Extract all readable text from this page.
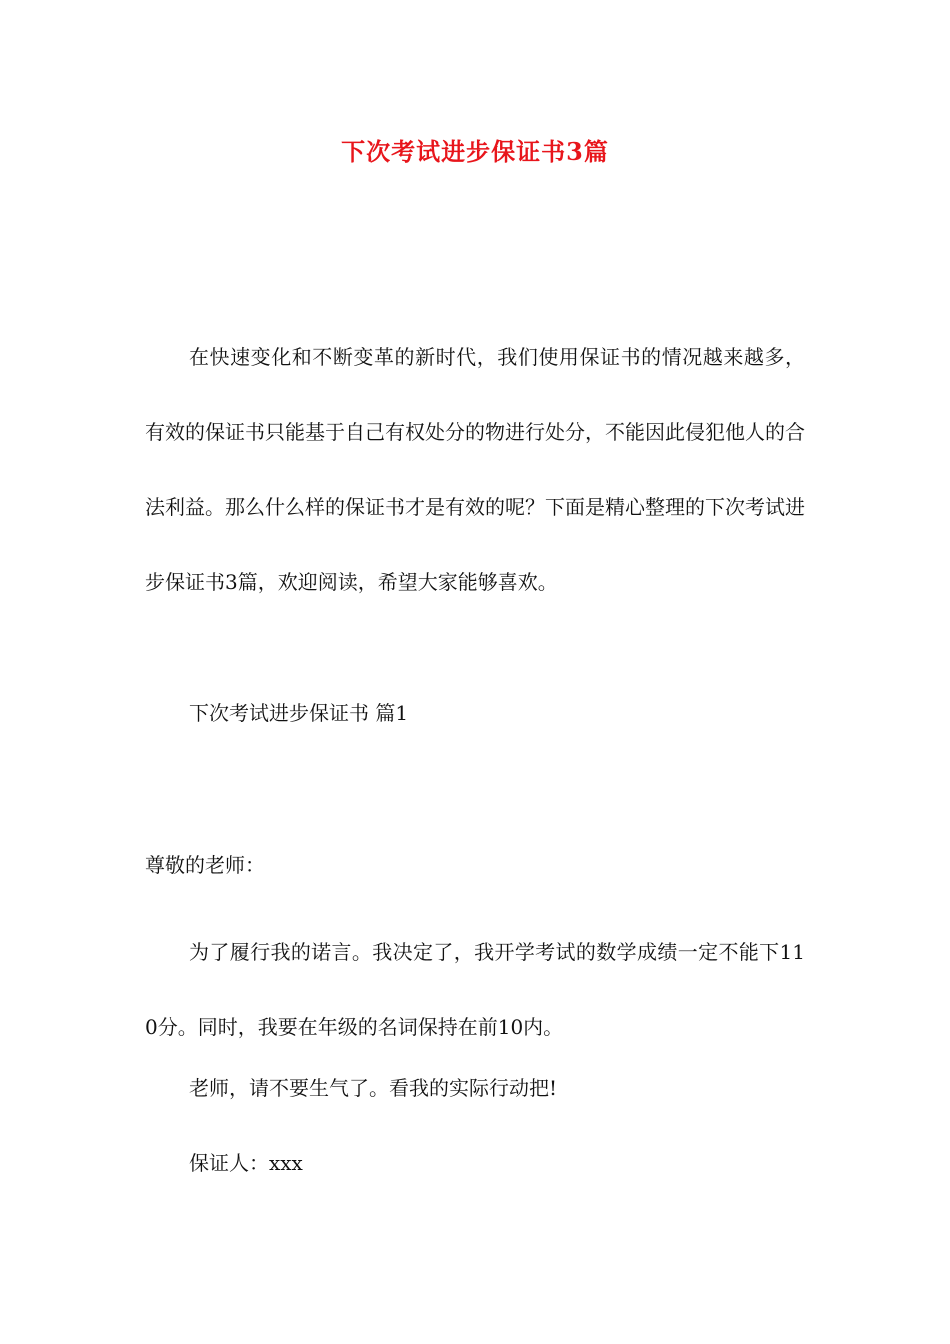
下次考试进步保证书3篇

在快速变化和不断变革的新时代，我们使用保证书的情况越来越多，有效的保证书只能基于自己有权处分的物进行处分，不能因此侵犯他人的合法利益。那么什么样的保证书才是有效的呢？下面是精心整理的下次考试进步保证书3篇，欢迎阅读，希望大家能够喜欢。

下次考试进步保证书 篇1

尊敬的老师：

为了履行我的诺言。我决定了，我开学考试的数学成绩一定不能下110分。同时，我要在年级的名词保持在前10内。

老师，请不要生气了。看我的实际行动把!

保证人：xxx
